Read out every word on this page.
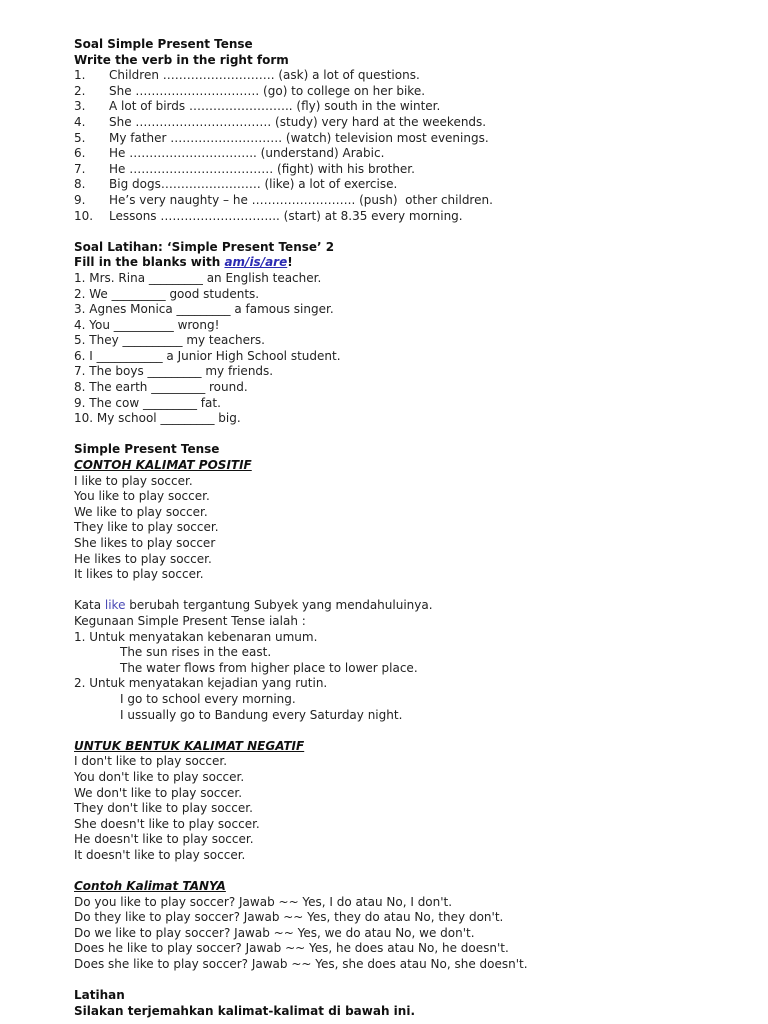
Soal Simple Present Tense
Write the verb in the right form
1.	Children ………………………. (ask) a lot of questions.
2.	She …………………………. (go) to college on her bike.
3.	A lot of birds …………………….. (fly) south in the winter.
4.	She ……………………………. (study) very hard at the weekends.
5.	My father ………………………. (watch) television most evenings.
6.	He ………………………….. (understand) Arabic.
7.	He ……………………………… (fight) with his brother.
8.	Big dogs……………………. (like) a lot of exercise.
9.	He’s very naughty – he …………………….. (push)  other children.
10.	Lessons ………………………... (start) at 8.35 every morning.
Soal Latihan: ‘Simple Present Tense’ 2
Fill in the blanks with am/is/are!
1. Mrs. Rina _________ an English teacher.
2. We _________ good students.
3. Agnes Monica _________ a famous singer.
4. You __________ wrong!
5. They __________ my teachers.
6. I ___________ a Junior High School student.
7. The boys _________ my friends.
8. The earth _________ round.
9. The cow _________ fat.
10. My school _________ big.
Simple Present Tense
CONTOH KALIMAT POSITIF
I like to play soccer.
You like to play soccer.
We like to play soccer.
They like to play soccer.
She likes to play soccer
He likes to play soccer.
It likes to play soccer.
Kata like berubah tergantung Subyek yang mendahuluinya.
Kegunaan Simple Present Tense ialah :
1. Untuk menyatakan kebenaran umum.
The sun rises in the east.
The water flows from higher place to lower place.
2. Untuk menyatakan kejadian yang rutin.
I go to school every morning.
I ussually go to Bandung every Saturday night.
UNTUK BENTUK KALIMAT NEGATIF
I don't like to play soccer.
You don't like to play soccer.
We don't like to play soccer.
They don't like to play soccer.
She doesn't like to play soccer.
He doesn't like to play soccer.
It doesn't like to play soccer.
Contoh Kalimat TANYA
Do you like to play soccer? Jawab ~~ Yes, I do atau No, I don't.
Do they like to play soccer? Jawab ~~ Yes, they do atau No, they don't.
Do we like to play soccer? Jawab ~~ Yes, we do atau No, we don't.
Does he like to play soccer? Jawab ~~ Yes, he does atau No, he doesn't.
Does she like to play soccer? Jawab ~~ Yes, she does atau No, she doesn't.
Latihan
Silakan terjemahkan kalimat-kalimat di bawah ini.
